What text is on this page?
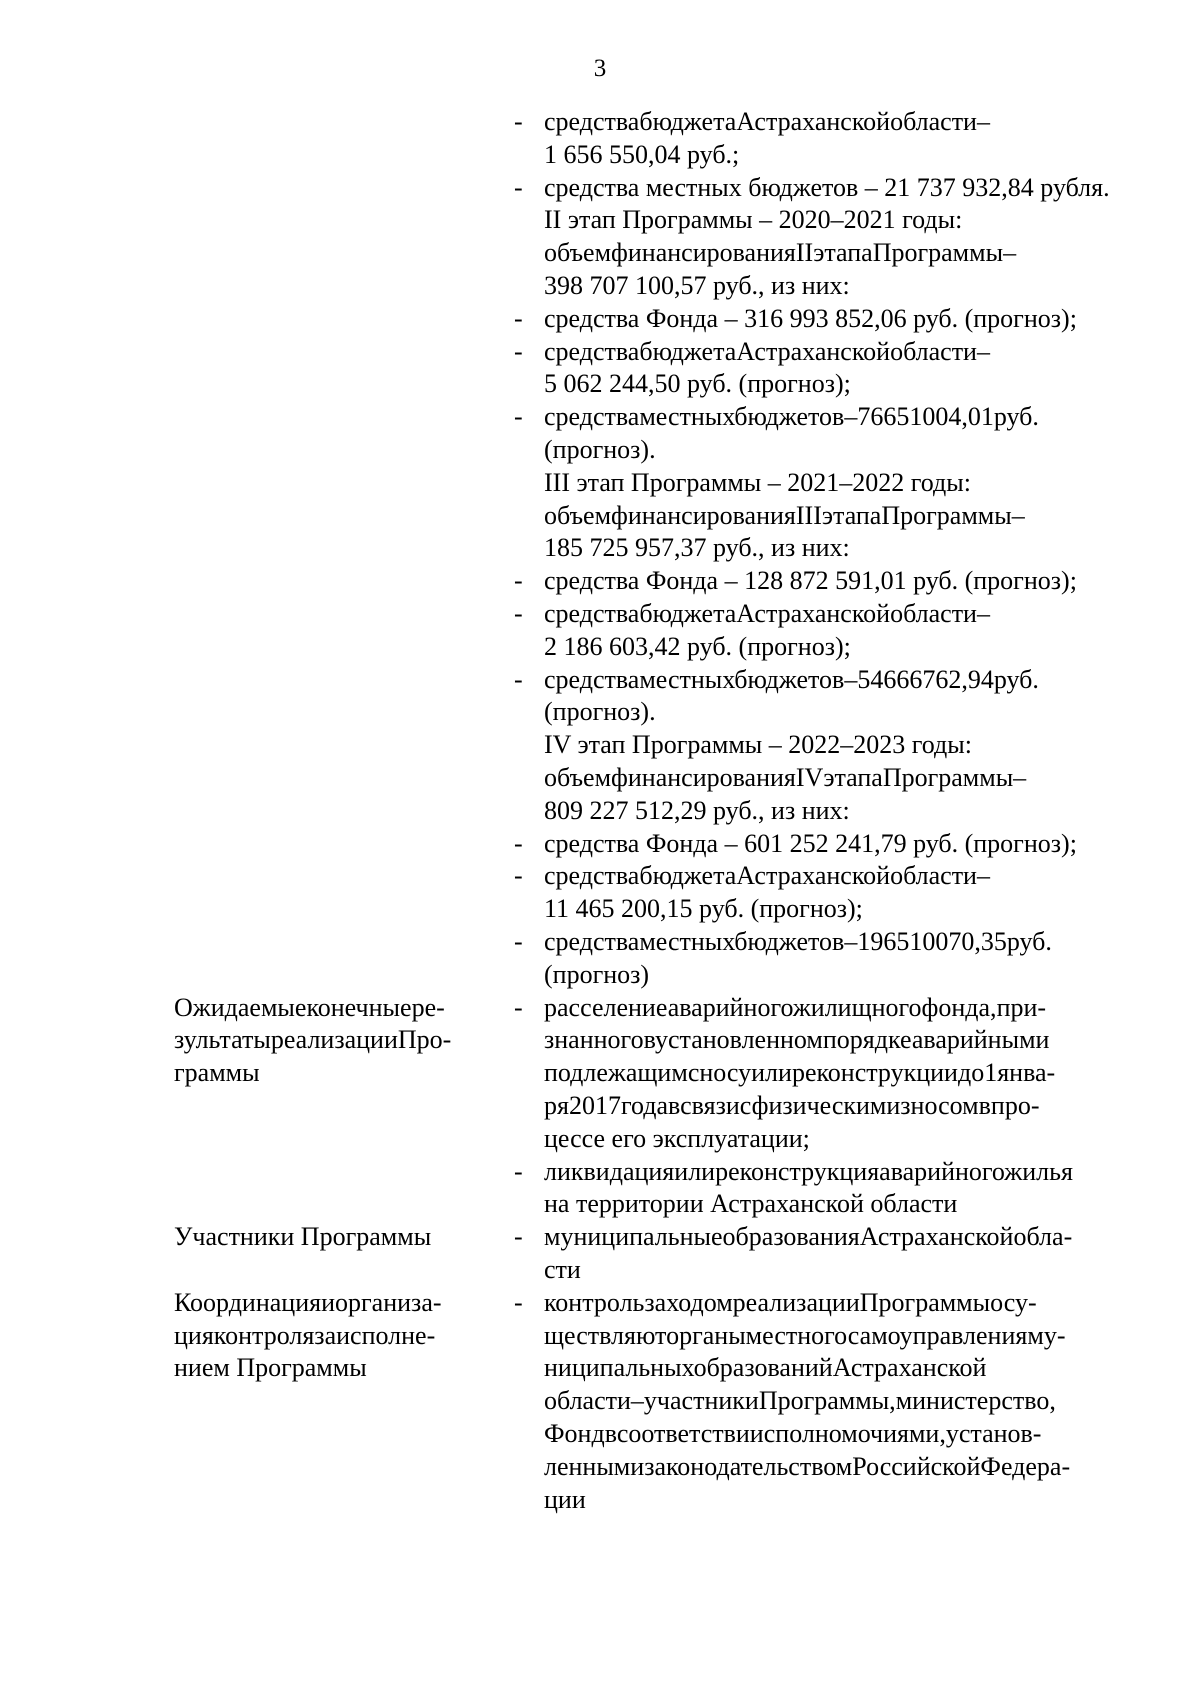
3
- средствабюджетаАстраханскойобласти–
1 656 550,04 руб.;
- средства местных бюджетов – 21 737 932,84 рубля.
II этап Программы – 2020–2021 годы:
объемфинансированияIIэтапаПрограммы–
398 707 100,57 руб., из них:
- средства Фонда – 316 993 852,06 руб. (прогноз);
- средствабюджетаАстраханскойобласти–
5 062 244,50 руб. (прогноз);
- средстваместныхбюджетов–76651004,01руб.
(прогноз).
III этап Программы – 2021–2022 годы:
объемфинансированияIIIэтапаПрограммы–
185 725 957,37 руб., из них:
- средства Фонда – 128 872 591,01 руб. (прогноз);
- средствабюджетаАстраханскойобласти–
2 186 603,42 руб. (прогноз);
- средстваместныхбюджетов–54666762,94руб.
(прогноз).
IV этап Программы – 2022–2023 годы:
объемфинансированияIVэтапаПрограммы–
809 227 512,29 руб., из них:
- средства Фонда – 601 252 241,79 руб. (прогноз);
- средствабюджетаАстраханскойобласти–
11 465 200,15 руб. (прогноз);
- средстваместныхбюджетов–196510070,35руб.
(прогноз)
Ожидаемыеконечныере-
зультатыреализацииПро-
граммы
- расселениеаварийногожилищногофонда,при-
знанноговустановленномпорядкеаварийными
подлежащимсносуилиреконструкциидо1янва-
ря2017годавсвязисфизическимизносомвпро-
цессе его эксплуатации;
- ликвидацияилиреконструкцияаварийногожилья
на территории Астраханской области
Участники Программы	- муниципальныеобразованияАстраханскойобла-
сти
Координацияиорганиза-
цияконтролязаисполне-
нием Программы
- контрользаходомреализацииПрограммыосу-
ществляюторганыместногосамоуправленияму-
ниципальныхобразованийАстраханской
области–участникиПрограммы,министерство,
Фондвсоответствиисполномочиями,установ-
леннымизаконодательствомРоссийскойФедера-
ции
